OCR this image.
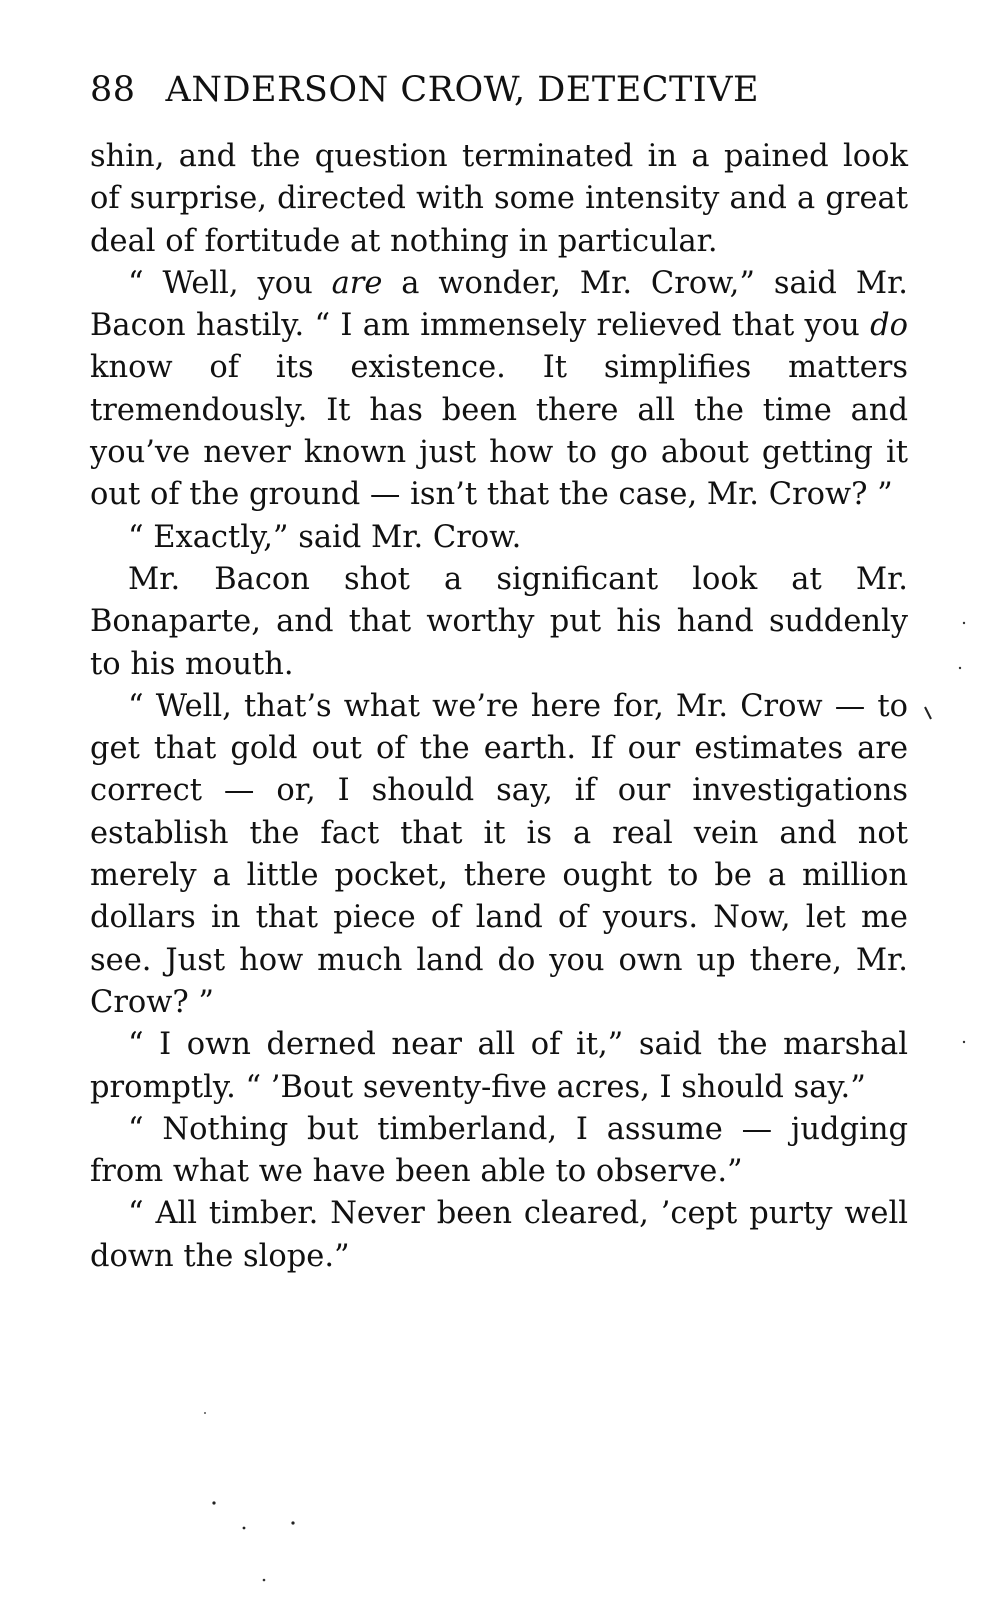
88 ANDERSON CROW, DETECTIVE

shin, and the question terminated in a pained look of surprise, directed with some intensity and a great deal of fortitude at nothing in particular.

“ Well, you are a wonder, Mr. Crow,” said Mr. Bacon hastily. “ I am immensely relieved that you do know of its existence. It simplifies matters tremendously. It has been there all the time and you’ve never known just how to go about getting it out of the ground — isn’t that the case, Mr. Crow? ”

“ Exactly,” said Mr. Crow.

Mr. Bacon shot a significant look at Mr. Bonaparte, and that worthy put his hand suddenly to his mouth.

“ Well, that’s what we’re here for, Mr. Crow — to get that gold out of the earth. If our estimates are correct — or, I should say, if our investigations establish the fact that it is a real vein and not merely a little pocket, there ought to be a million dollars in that piece of land of yours. Now, let me see. Just how much land do you own up there, Mr. Crow? ”

“ I own derned near all of it,” said the marshal promptly. “ ’Bout seventy-five acres, I should say.”

“ Nothing but timberland, I assume — judging from what we have been able to observe.”

“ All timber. Never been cleared, ’cept purty well down the slope.”
